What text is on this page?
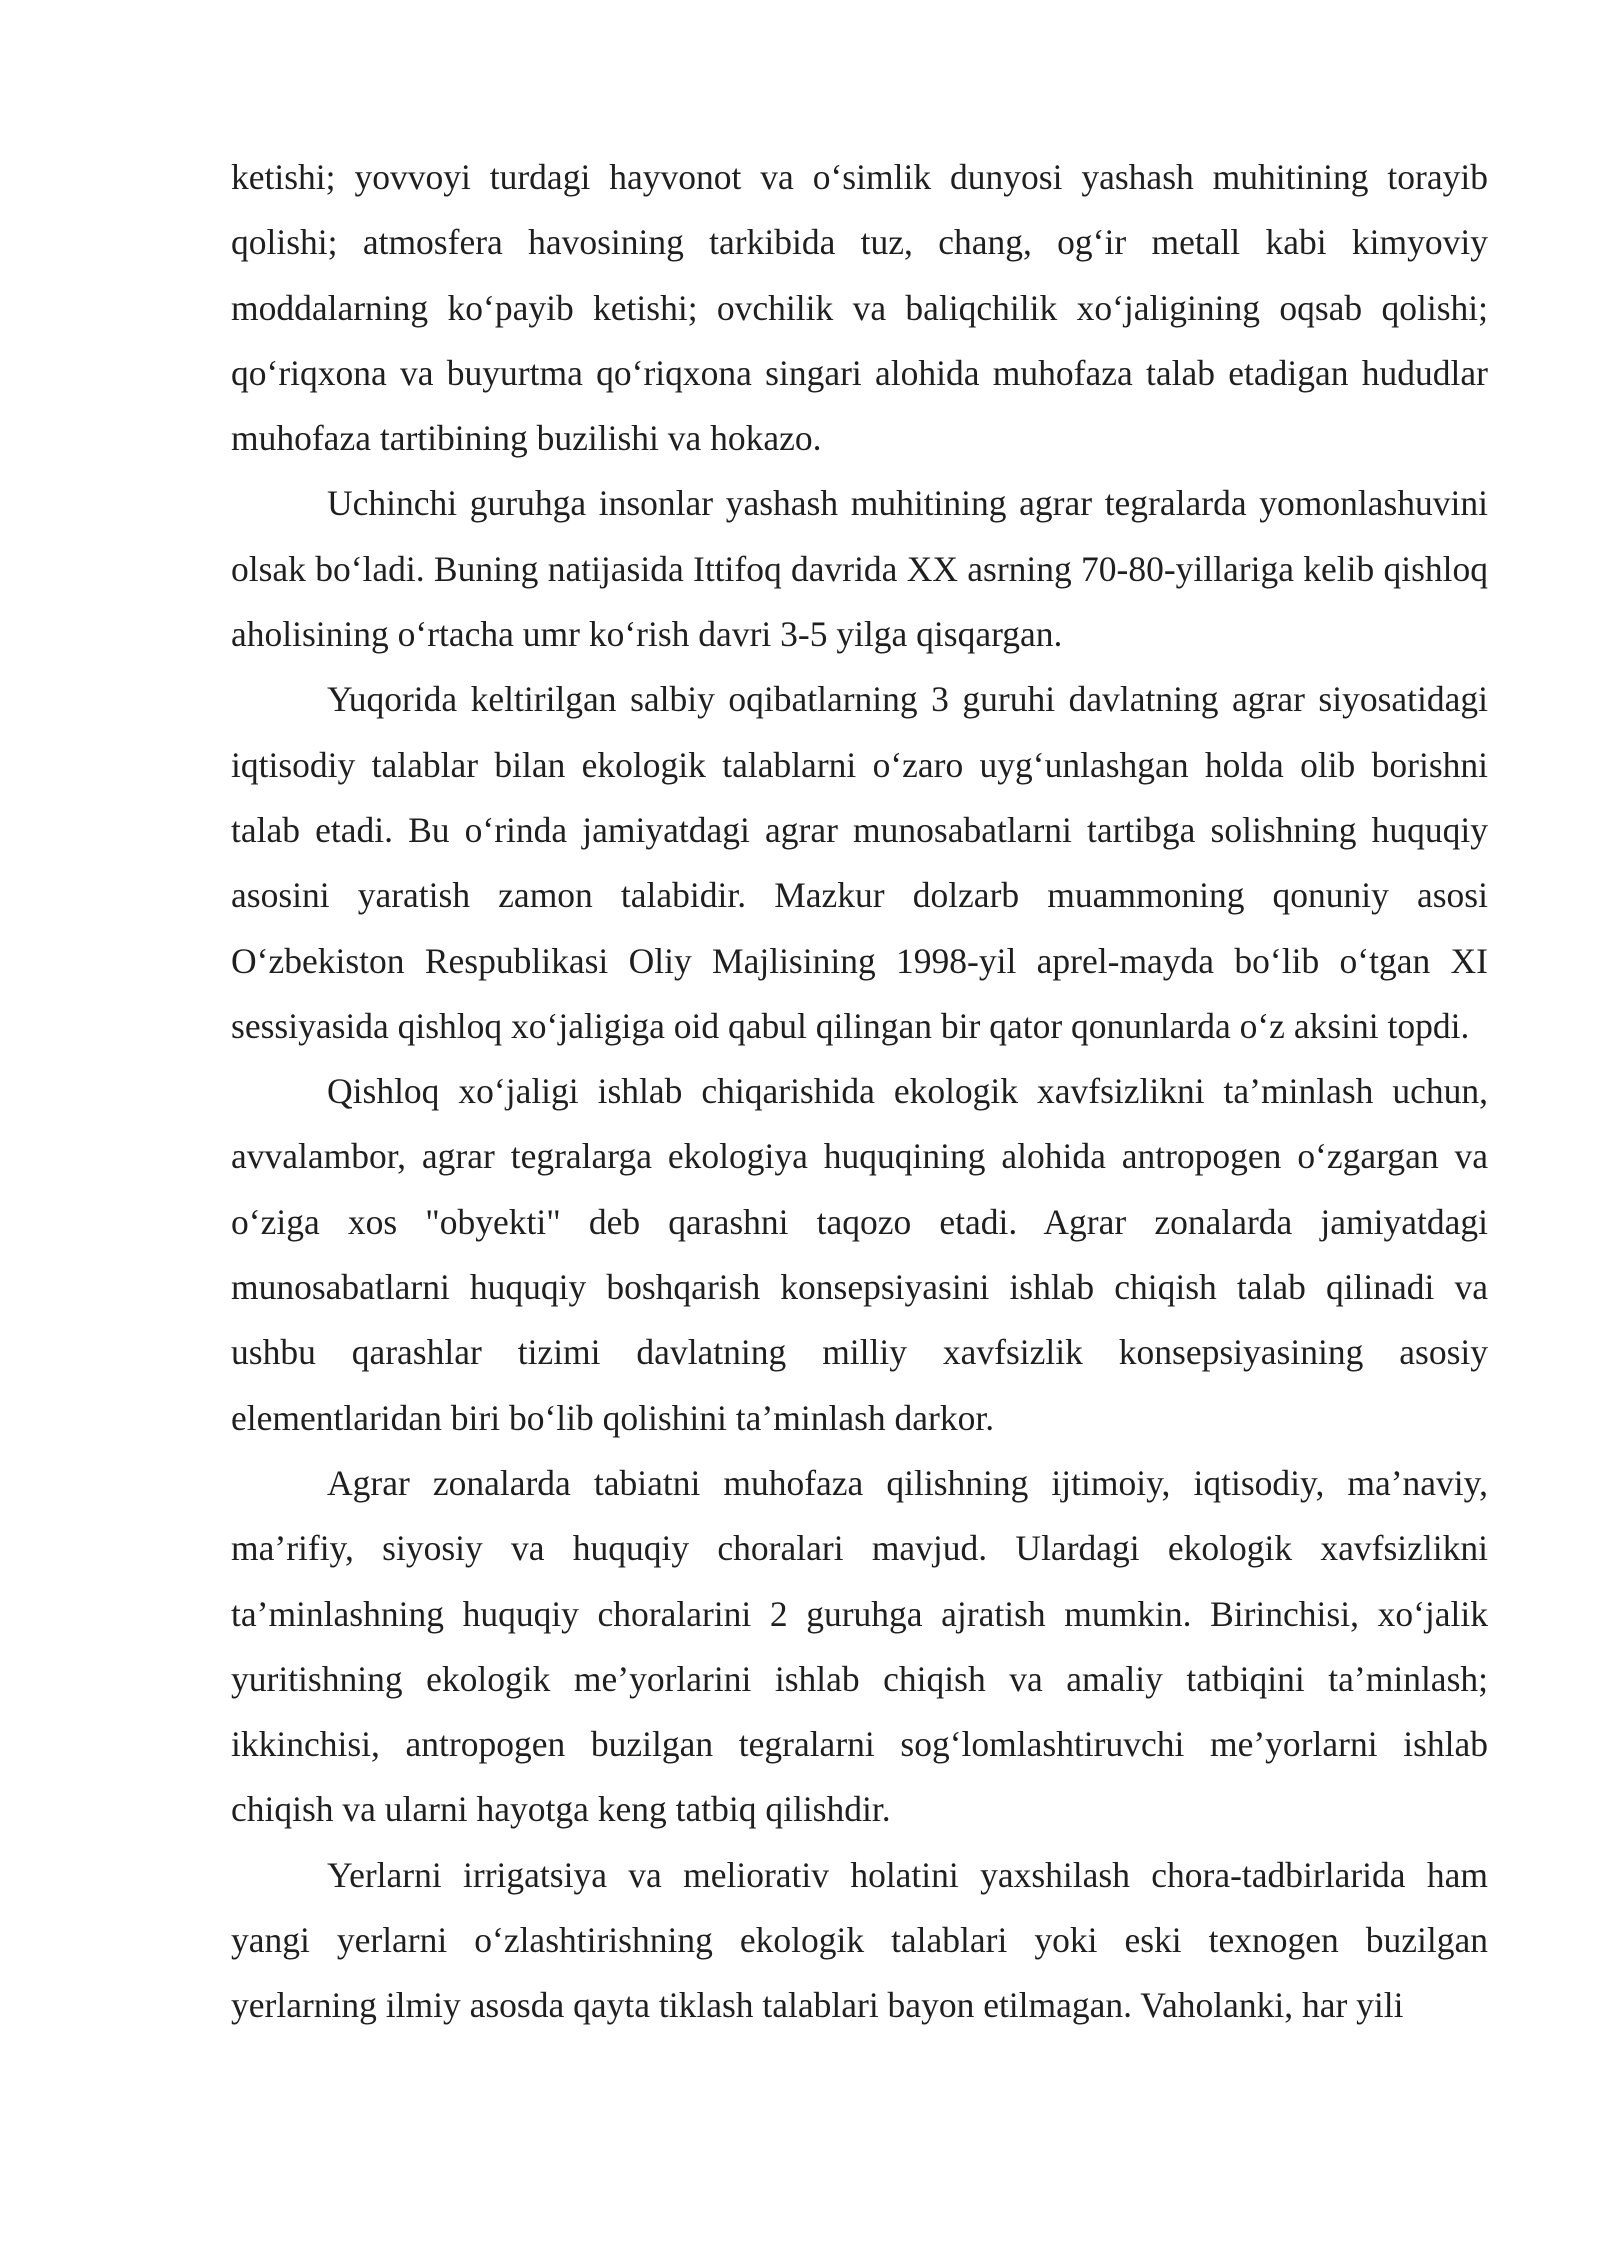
ketishi; yovvoyi turdagi hayvonot va o‘simlik dunyosi yashash muhitining torayib qolishi; atmosfera havosining tarkibida tuz, chang, og‘ir metall kabi kimyoviy moddalarning ko‘payib ketishi; ovchilik va baliqchilik xo‘jaligining oqsab qolishi; qo‘riqxona va buyurtma qo‘riqxona singari alohida muhofaza talab etadigan hududlar muhofaza tartibining buzilishi va hokazo.

Uchinchi guruhga insonlar yashash muhitining agrar tegralarda yomonlashuvini olsak bo‘ladi. Buning natijasida Ittifoq davrida XX asrning 70-80-yillariga kelib qishloq aholisining o‘rtacha umr ko‘rish davri 3-5 yilga qisqargan.

Yuqorida keltirilgan salbiy oqibatlarning 3 guruhi davlatning agrar siyosatidagi iqtisodiy talablar bilan ekologik talablarni o‘zaro uyg‘unlashgan holda olib borishni talab etadi. Bu o‘rinda jamiyatdagi agrar munosabatlarni tartibga solishning huquqiy asosini yaratish zamon talabidir. Mazkur dolzarb muammoning qonuniy asosi O‘zbekiston Respublikasi Oliy Majlisining 1998-yil aprel-mayda bo‘lib o‘tgan XI sessiyasida qishloq xo‘jaligiga oid qabul qilingan bir qator qonunlarda o‘z aksini topdi.

Qishloq xo‘jaligi ishlab chiqarishida ekologik xavfsizlikni ta’minlash uchun, avvalambor, agrar tegralarga ekologiya huquqining alohida antropogen o‘zgargan va o‘ziga xos "obyekti" deb qarashni taqozo etadi. Agrar zonalarda jamiyatdagi munosabatlarni huquqiy boshqarish konsepsiyasini ishlab chiqish talab qilinadi va ushbu qarashlar tizimi davlatning milliy xavfsizlik konsepsiyasining asosiy elementlaridan biri bo‘lib qolishini ta’minlash darkor.

Agrar zonalarda tabiatni muhofaza qilishning ijtimoiy, iqtisodiy, ma’naviy, ma’rifiy, siyosiy va huquqiy choralari mavjud. Ulardagi ekologik xavfsizlikni ta’minlashning huquqiy choralarini 2 guruhga ajratish mumkin. Birinchisi, xo‘jalik yuritishning ekologik me’yorlarini ishlab chiqish va amaliy tatbiqini ta’minlash; ikkinchisi, antropogen buzilgan tegralarni sog‘lomlashtiruvchi me’yorlarni ishlab chiqish va ularni hayotga keng tatbiq qilishdir.

Yerlarni irrigatsiya va meliorativ holatini yaxshilash chora-tadbirlarida ham yangi yerlarni o‘zlashtirishning ekologik talablari yoki eski texnogen buzilgan yerlarning ilmiy asosda qayta tiklash talablari bayon etilmagan. Vaholanki, har yili
